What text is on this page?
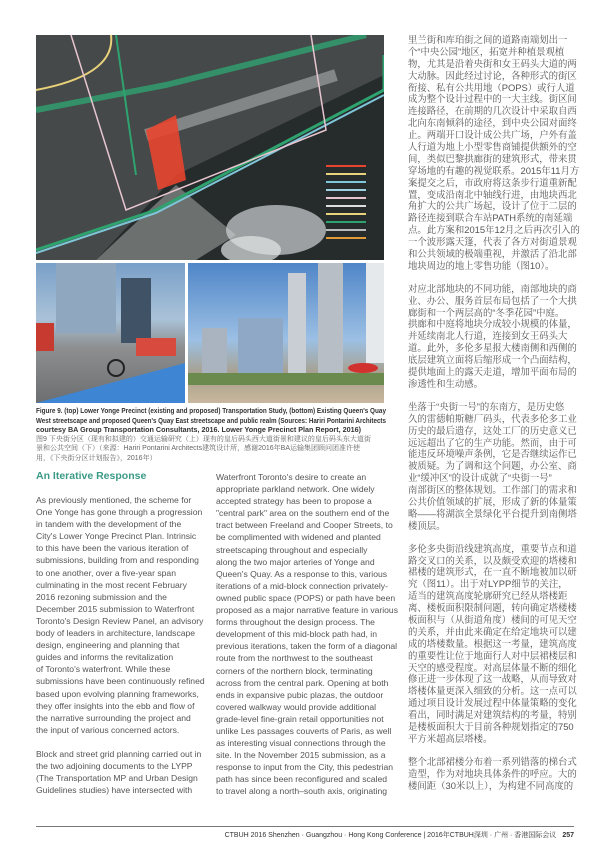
Figure 9. (top) Lower Yonge Precinct (existing and proposed) Transportation Study, (bottom) Existing Queen's Quay
West streetscape and proposed Queen's Quay East streetscape and public realm (Sources: Hariri Pontarini Architects
courtesy BA Group Transportation Consultants, 2016. Lower Yonge Precinct Plan Report, 2016)
图9 下央街分区（现有和拟建的）交通运输研究（上）现有的皇后码头西大道街景和建议的皇后码头东大道街
景和公共空间（下）（来源：Hariri Pontarini Architects建筑设计所，感谢2016年BA运输集团顾问团准许使
用，《下央街分区计划报告》，2016年）
An Iterative Response
As previously mentioned, the scheme for
One Yonge has gone through a progression
in tandem with the development of the
City's Lower Yonge Precinct Plan. Intrinsic
to this have been the various iteration of
submissions, building from and responding
to one another, over a five-year span
culminating in the most recent February
2016 rezoning submission and the
December 2015 submission to Waterfront
Toronto's Design Review Panel, an advisory
body of leaders in architecture, landscape
design, engineering and planning that
guides and informs the revitalization
of Toronto's waterfront. While these
submissions have been continuously refined
based upon evolving planning frameworks,
they offer insights into the ebb and flow of
the narrative surrounding the project and
the input of various concerned actors.
Block and street grid planning carried out in
the two adjoining documents to the LYPP
(The Transportation MP and Urban Design
Guidelines studies) have intersected with
Waterfront Toronto's desire to create an
appropriate parkland network. One widely
accepted strategy has been to propose a
"central park" area on the southern end of the
tract between Freeland and Cooper Streets, to
be complimented with widened and planted
streetscaping throughout and especially
along the two major arteries of Yonge and
Queen's Quay. As a response to this, various
iterations of a mid-block connection privately-
owned public space (POPS) or path have been
proposed as a major narrative feature in various
forms throughout the design process. The
development of this mid-block path had, in
previous iterations, taken the form of a diagonal
route from the northwest to the southeast
corners of the northern block, terminating
across from the central park. Opening at both
ends in expansive pubic plazas, the outdoor
covered walkway would provide additional
grade-level fine-grain retail opportunities not
unlike Les passages couverts of Paris, as well
as interesting visual connections through the
site. In the November 2015 submission, as a
response to input from the City, this pedestrian
path has since been reconfigured and scaled
to travel along a north–south axis, originating
里兰街和库珀街之间的道路南端划出一
个“中央公园”地区，拓宽并种植景观植
物，尤其是沿着央街和女王码头大道的两
大动脉。因此经过讨论，各种形式的街区
衔接、私有公共用地（POPS）或行人道
成为整个设计过程中的一大主线。街区间
连接路径，在前期的几次设计中采取自西
北向东南倾斜的途径，到中央公园对面终
止。两端开口设计成公共广场，户外有盖
人行道为地上小型零售商铺提供额外的空
间，类似巴黎拱廊街的建筑形式，带来贯
穿场地的有趣的视觉联系。2015年11月方
案提交之后，市政府将这条步行道重新配
置，变成沿南北中轴线行进，由地块西北
角扩大的公共广场起，设计了位于二层的
路径连接到联合车站PATH系统的南延端
点。此方案和2015年12月之后再次引入的
一个波形露天篷，代表了各方对街道景观
和公共领域的极端重视，并激活了沿北部
地块周边的地上零售功能（图10）。
对应北部地块的不同功能，南部地块的商
业、办公、服务首层布局包括了一个大拱
廊街和一个两层高的“冬季花园”中庭。
拱廊和中庭将地块分成较小规模的体量，
并延续南北人行道，连接到女王码头大
道。此外，多伦多星报大楼南侧和西侧的
底层建筑立面将后缩形成一个凸面结构，
提供地面上的露天走道，增加平面布局的
渗透性和生动感。
坐落于“央街一号”的东南方，是历史悠
久的雷德帕斯糖厂码头，代表多伦多工业
历史的最后遗存，这处工厂的历史意义已
远远超出了它的生产功能。然而，由于可
能违反环境噪声条例，它是否继续运作已
被质疑。为了调和这个问题，办公室、商
业“缓冲区”的设计成就了“央街一号”
南部街区的整体规划。工作部门的需求和
公共价值领域的扩展，形成了新的体量策
略——将湖滨全景绿化平台提升到南侧塔
楼顶层。
多伦多央街沿线建筑高度，重要节点和道
路交叉口的关系，以及颇受欢迎的塔楼和
裙楼的建筑形式，在一直不断地被加以研
究（图11）。出于对LYPP细节的关注，
适当的建筑高度轮廓研究已经从塔楼距
离、楼板面积限制问题，转向确定塔楼楼
板面积与（从街道角度）楼间的可见天空
的关系，并由此来确定在给定地块可以建
成的塔楼数量。根据这一考量，建筑高度
的重要性让位于地面行人对中层裙楼层和
天空的感受程度。对高层体量不断的细化
修正进一步体现了这一战略，从而导致对
塔楼体量更深入细致的分析。这一点可以
通过项目设计发展过程中体量策略的变化
看出，同时满足对建筑结构的考量，特别
是楼板面积大于目前各种规划指定的750
平方米超高层塔楼。
整个北部裙楼分布着一系列错落的梯台式
造型，作为对地块具体条件的呼应。大的
楼间距（30米以上），为构建不同高度的
CTBUH 2016 Shenzhen · Guangzhou · Hong Kong Conference | 2016年CTBUH深圳 · 广州 · 香港国际会议 257
